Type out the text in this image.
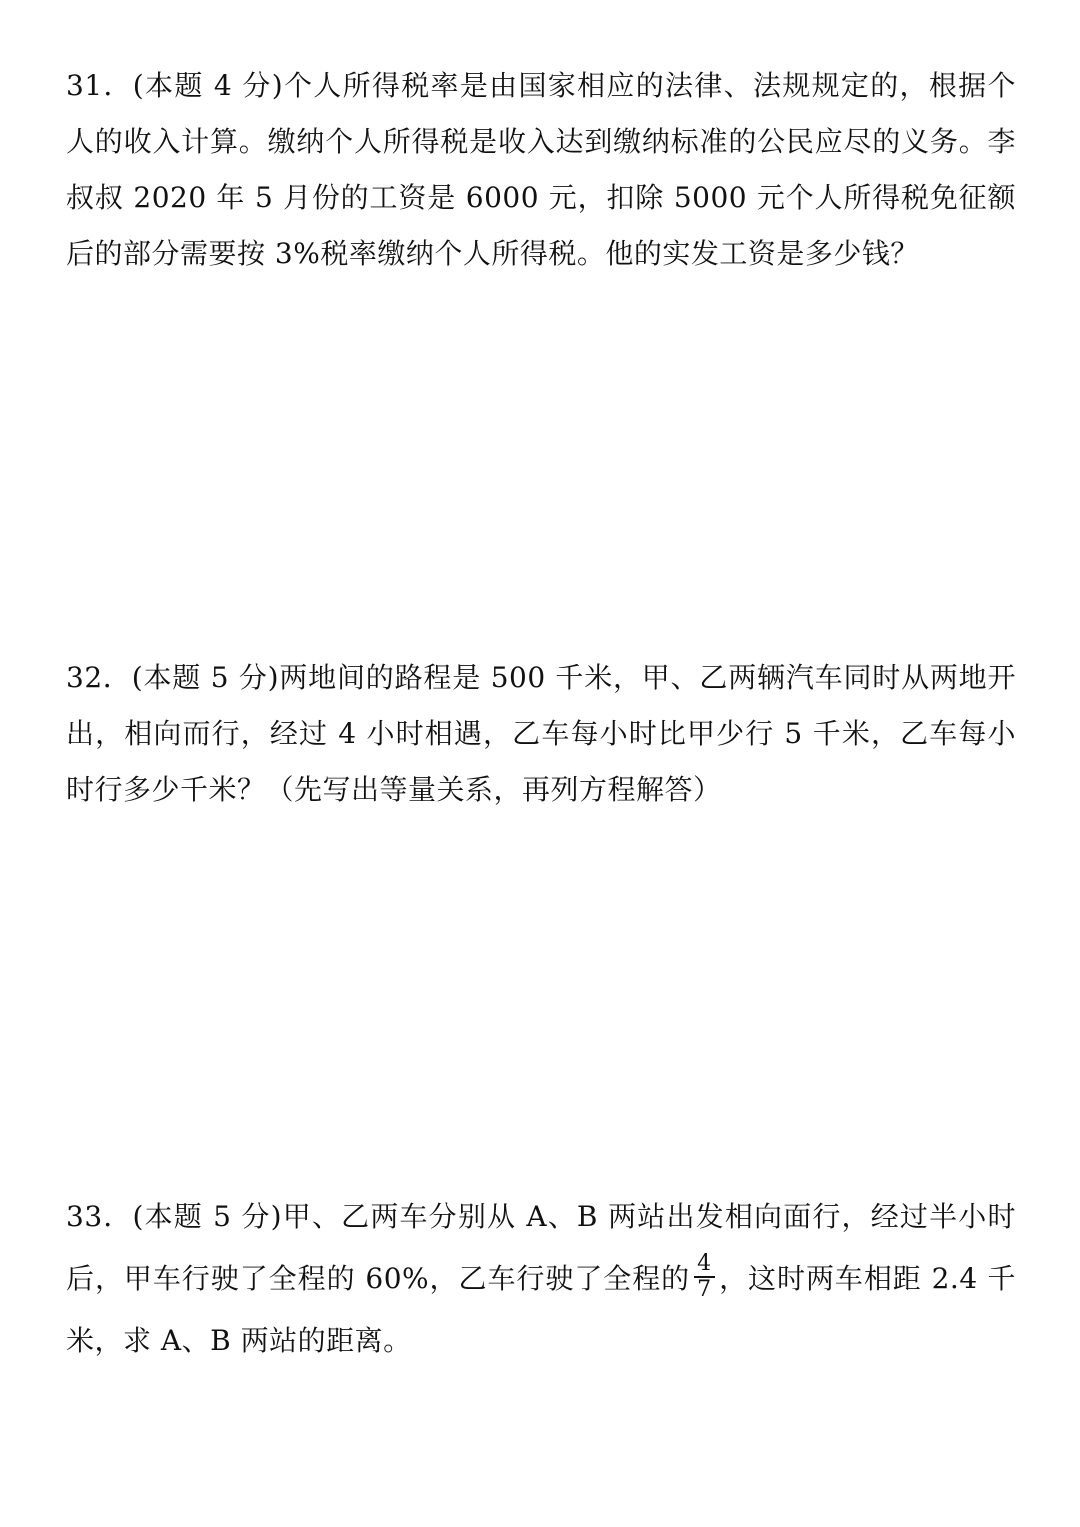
31．(本题 4 分)个人所得税率是由国家相应的法律、法规规定的，根据个人的收入计算。缴纳个人所得税是收入达到缴纳标准的公民应尽的义务。李叔叔 2020 年 5 月份的工资是 6000 元，扣除 5000 元个人所得税免征额后的部分需要按 3%税率缴纳个人所得税。他的实发工资是多少钱？
32．(本题 5 分)两地间的路程是 500 千米，甲、乙两辆汽车同时从两地开出，相向而行，经过 4 小时相遇，乙车每小时比甲少行 5 千米，乙车每小时行多少千米？（先写出等量关系，再列方程解答）
33．(本题 5 分)甲、乙两车分别从 A、B 两站出发相向面行，经过半小时后，甲车行驶了全程的 60%，乙车行驶了全程的 $\frac{4}{7}$ ，这时两车相距 2.4 千米，求 A、B 两站的距离。
